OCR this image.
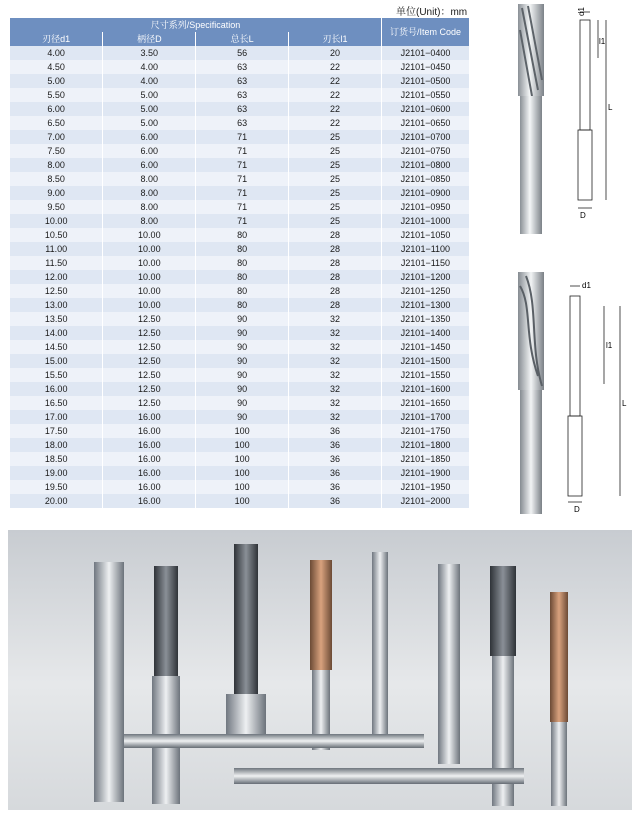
单位(Unit)：mm
尺寸系列/Specification				订货号/Item Code
刃径d1	柄径D	总长L	刃长l1	
4.00	3.50	56	20	J2101−0400
4.50	4.00	63	22	J2101−0450
5.00	4.00	63	22	J2101−0500
5.50	5.00	63	22	J2101−0550
6.00	5.00	63	22	J2101−0600
6.50	5.00	63	22	J2101−0650
7.00	6.00	71	25	J2101−0700
7.50	6.00	71	25	J2101−0750
8.00	6.00	71	25	J2101−0800
8.50	8.00	71	25	J2101−0850
9.00	8.00	71	25	J2101−0900
9.50	8.00	71	25	J2101−0950
10.00	8.00	71	25	J2101−1000
10.50	10.00	80	28	J2101−1050
11.00	10.00	80	28	J2101−1100
11.50	10.00	80	28	J2101−1150
12.00	10.00	80	28	J2101−1200
12.50	10.00	80	28	J2101−1250
13.00	10.00	80	28	J2101−1300
13.50	12.50	90	32	J2101−1350
14.00	12.50	90	32	J2101−1400
14.50	12.50	90	32	J2101−1450
15.00	12.50	90	32	J2101−1500
15.50	12.50	90	32	J2101−1550
16.00	12.50	90	32	J2101−1600
16.50	12.50	90	32	J2101−1650
17.00	16.00	90	32	J2101−1700
17.50	16.00	100	36	J2101−1750
18.00	16.00	100	36	J2101−1800
18.50	16.00	100	36	J2101−1850
19.00	16.00	100	36	J2101−1900
19.50	16.00	100	36	J2101−1950
20.00	16.00	100	36	J2101−2000
d1
l1
L
D
d1
l1
L
D
